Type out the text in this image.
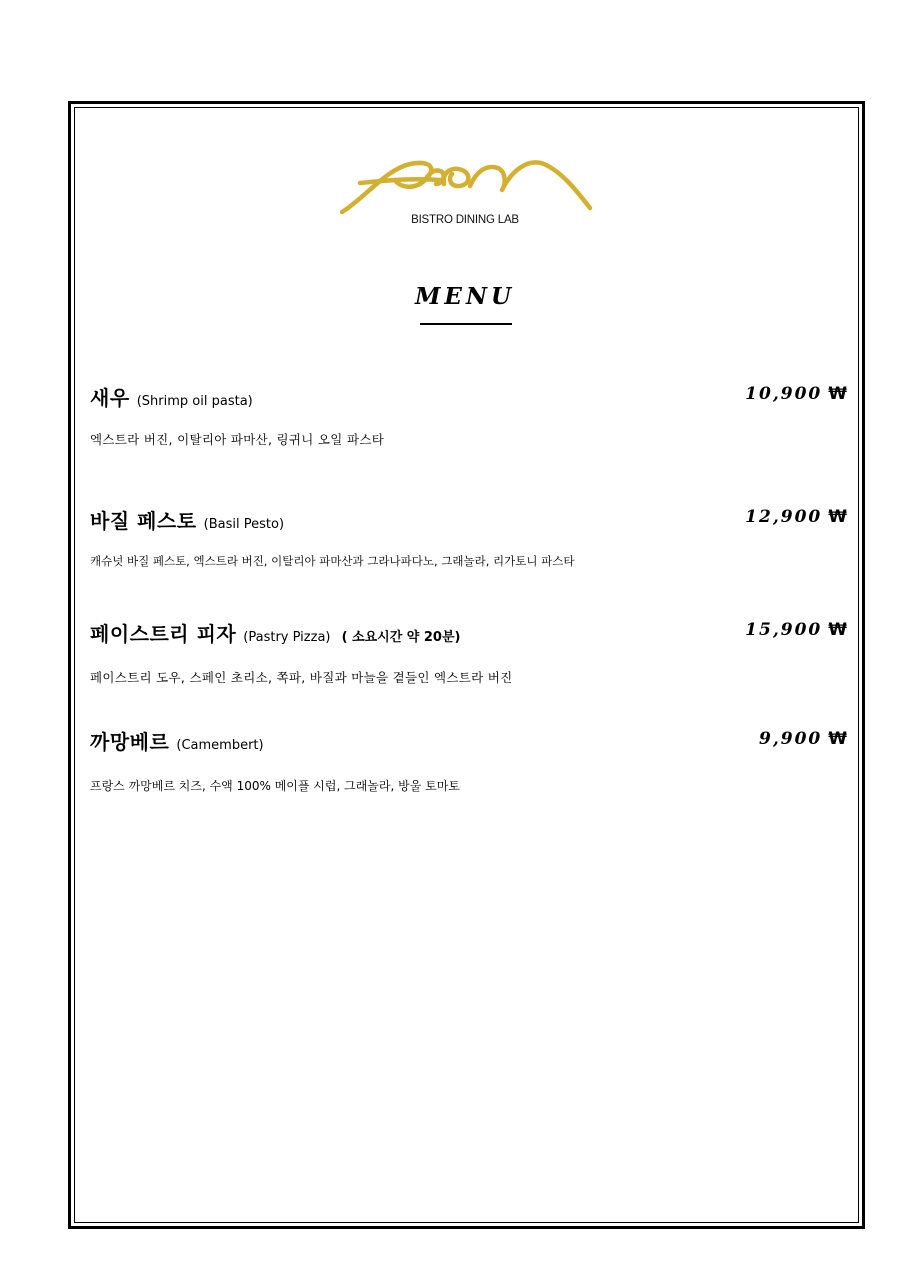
BISTRO DINING LAB
MENU
새우 (Shrimp oil pasta)	10,900 ₩
엑스트라 버진, 이탈리아 파마산, 링귀니 오일 파스타
바질 페스토 (Basil Pesto)	12,900 ₩
캐슈넛 바질 페스토, 엑스트라 버진, 이탈리아 파마산과 그라나파다노, 그래놀라, 리가토니 파스타
페이스트리 피자 (Pastry Pizza) ( 소요시간 약 20분)	15,900 ₩
페이스트리 도우, 스페인 초리소, 쪽파, 바질과 마늘을 곁들인 엑스트라 버진
까망베르 (Camembert)	9,900 ₩
프랑스 까망베르 치즈, 수액 100% 메이플 시럽, 그래놀라, 방울 토마토
